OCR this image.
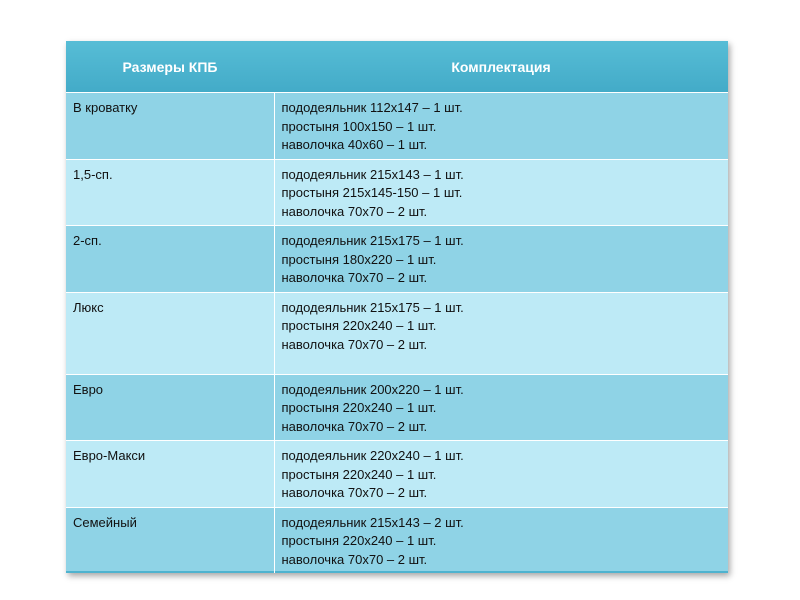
Размеры КПБ	Комплектация
В кроватку	пододеяльник 112х147 – 1 шт.
простыня 100х150 – 1 шт.
наволочка 40х60 – 1 шт.

1,5-сп.	пододеяльник 215х143 – 1 шт.
простыня 215х145-150 – 1 шт.
наволочка 70х70 – 2 шт.

2-сп.	пододеяльник 215х175 – 1 шт.
простыня 180х220 – 1 шт.
наволочка 70х70 – 2 шт.

Люкс	пододеяльник 215х175 – 1 шт.
простыня 220х240 – 1 шт.
наволочка 70х70 – 2 шт.

Евро	пододеяльник 200х220 – 1 шт.
простыня 220х240 – 1 шт.
наволочка 70х70 – 2 шт.

Евро-Макси	пододеяльник 220х240 – 1 шт.
простыня 220х240 – 1 шт.
наволочка 70х70 – 2 шт.

Семейный	пододеяльник 215х143 – 2 шт.
простыня 220х240 – 1 шт.
наволочка 70х70 – 2 шт.
